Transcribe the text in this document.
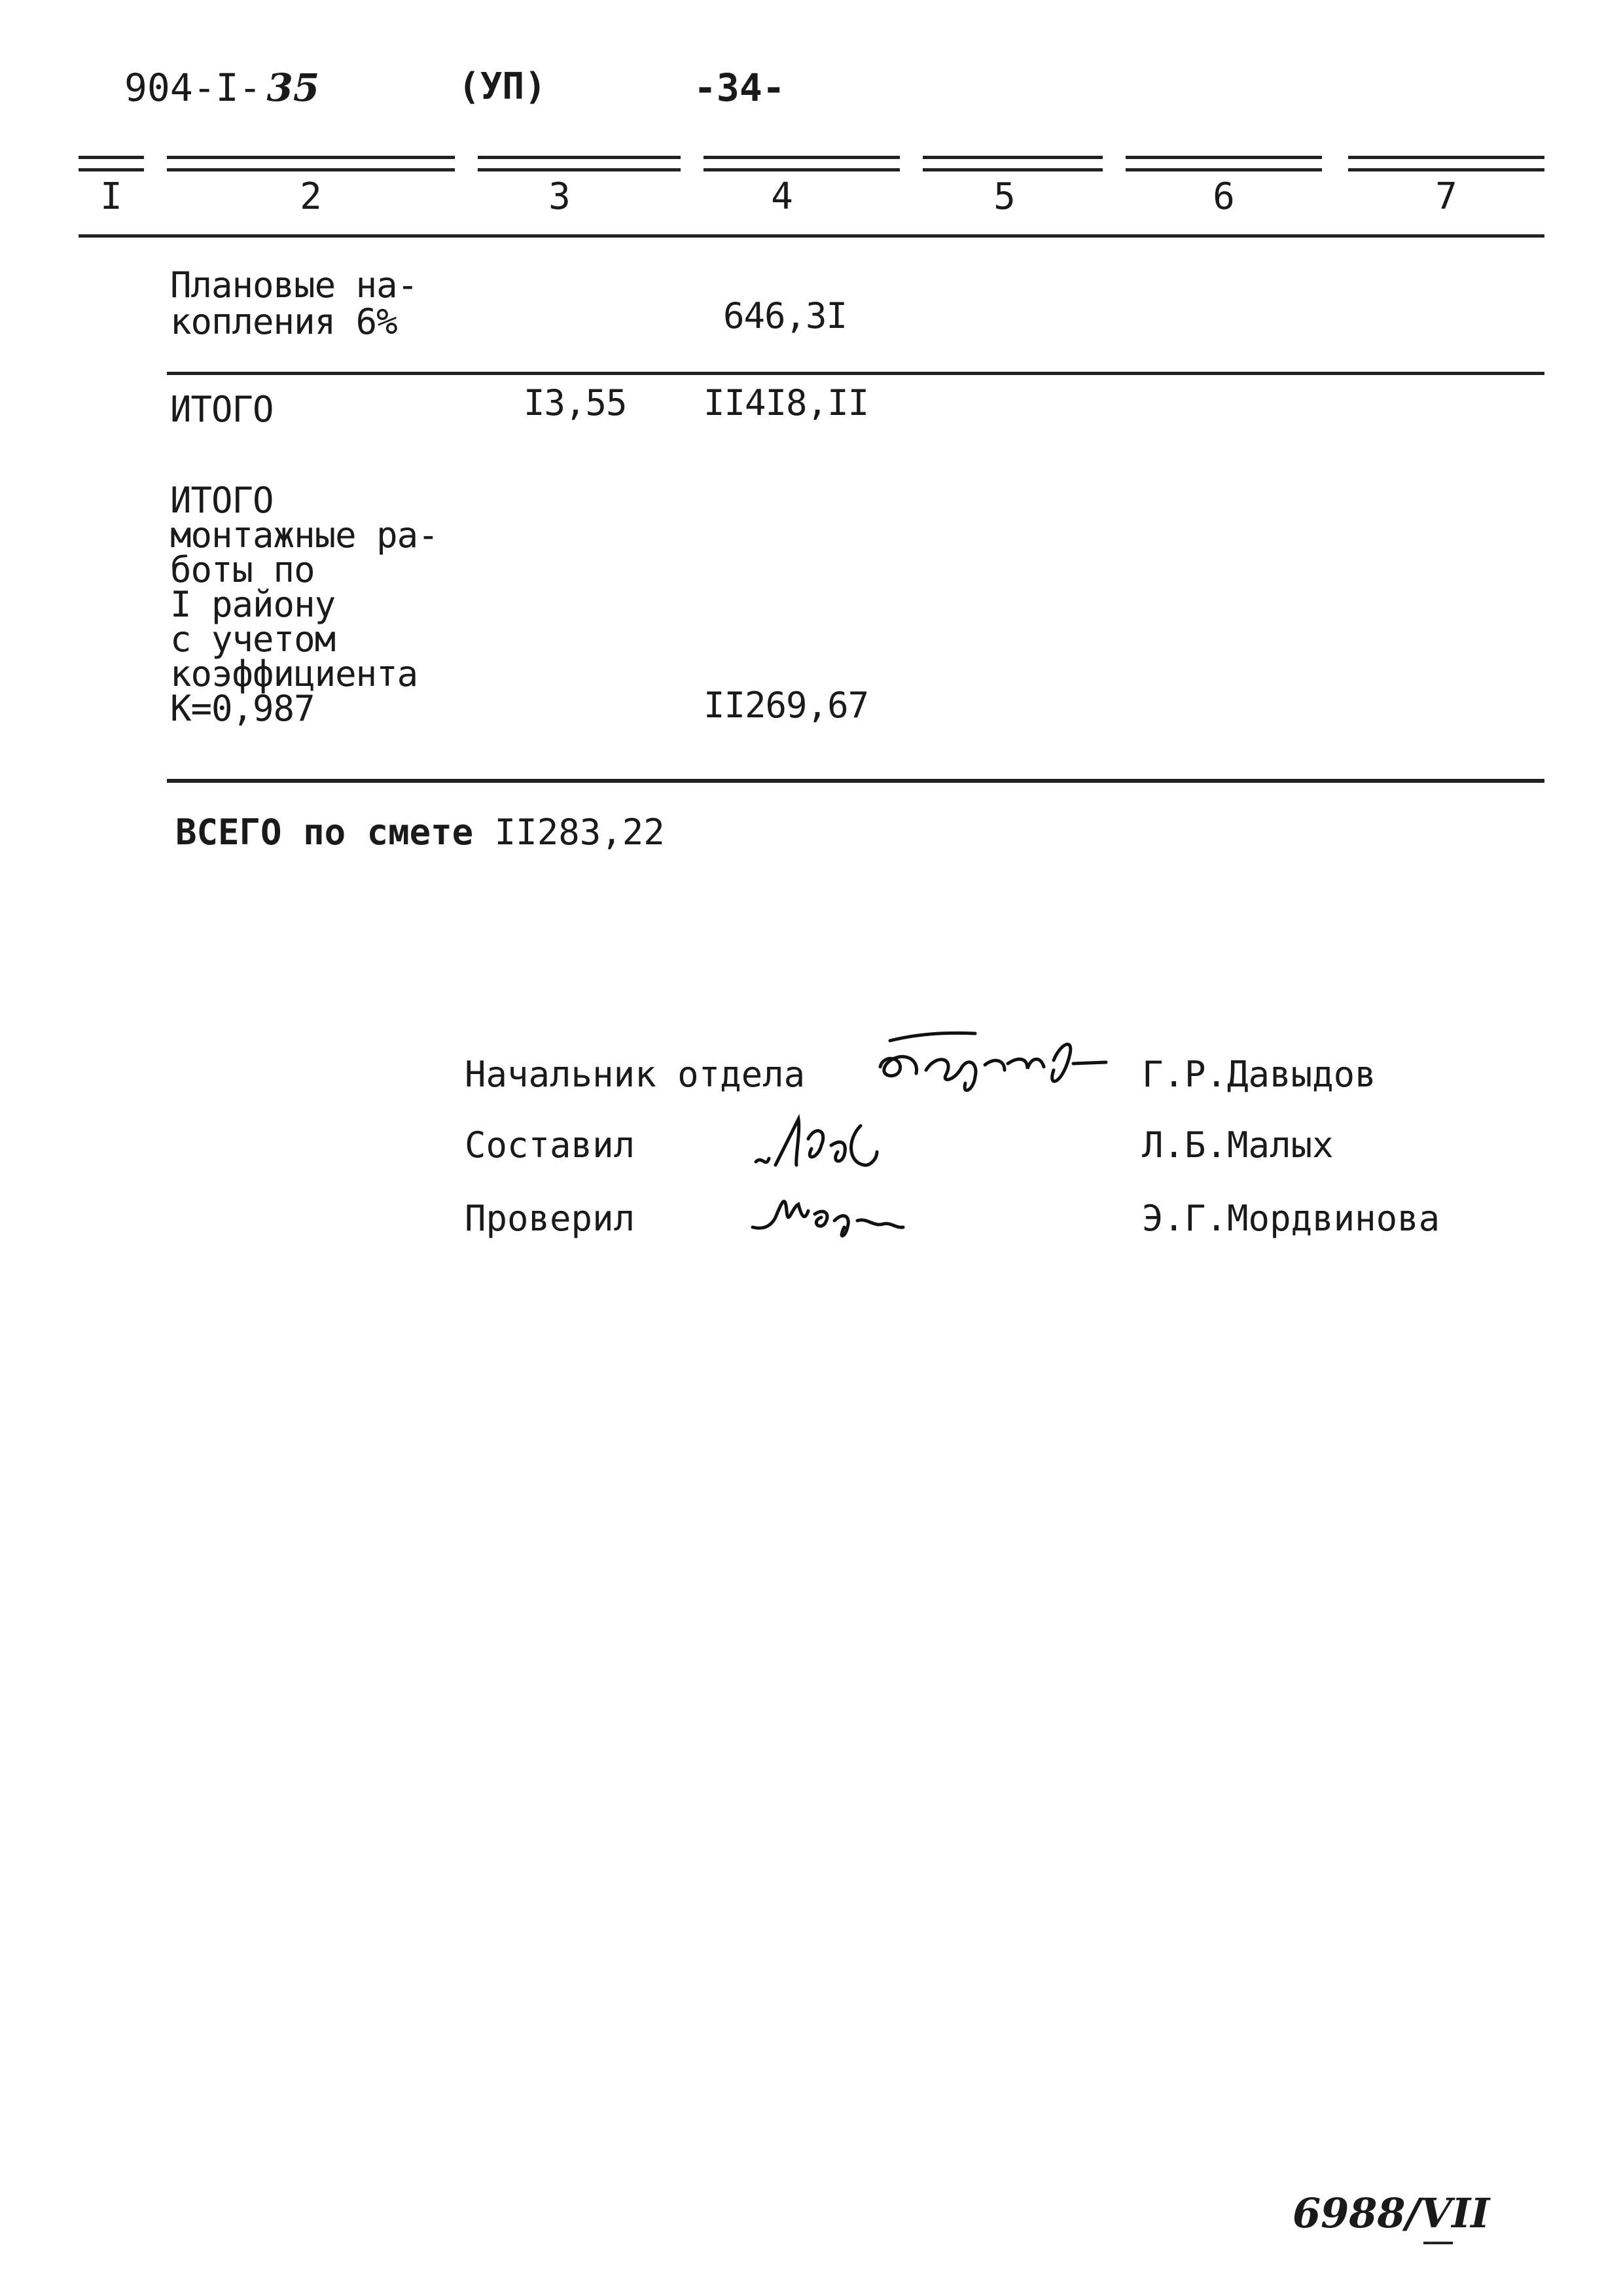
904-I- 35	(УП)	-34-
I	2	3	4	5	6	7
Плановые на-
копления 6%	646,3I
ИТОГО	I3,55 II4I8,II
ИТОГО
монтажные ра-
боты по
I району
с учетом
коэффициента
К=0,987	II269,67
ВСЕГО по смете II283,22
Начальник отдела	Г.Р.Давыдов
Составил	Л.Б.Малых
Проверил	Э.Г.Мордвинова
6988/VII
